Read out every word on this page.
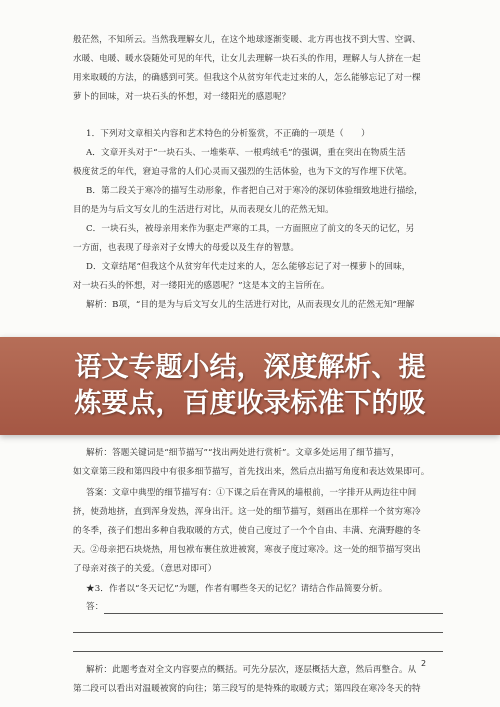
般茫然，不知所云。当然我理解女儿，在这个地球逐渐变暖、北方再也找不到大雪、空调、
水暖、电暖、暖水袋随处可见的年代，让女儿去理解一块石头的作用，理解人与人挤在一起
用来取暖的方法，的确感到可笑。但我这个从贫穷年代走过来的人，怎么能够忘记了对一棵
萝卜的回味，对一块石头的怀想，对一缕阳光的感恩呢？
1．下列对文章相关内容和艺术特色的分析鉴赏，不正确的一项是（　　）
A．文章开头对于“一块石头、一堆柴草、一根鸡绒毛”的强调，重在突出在物质生活
极度贫乏的年代，窘迫寻常的人们心灵而又强烈的生活体验，也为下文的写作埋下伏笔。
B．第二段关于寒冷的描写生动形象，作者把自己对于寒冷的深切体验细致地进行描绘，
目的是为与后文写女儿的生活进行对比，从而表现女儿的茫然无知。
C．一块石头，被母亲用来作为驱走严寒的工具，一方面照应了前文的冬天的记忆，另
一方面，也表现了母亲对子女博大的母爱以及生存的智慧。
D．文章结尾“但我这个从贫穷年代走过来的人，怎么能够忘记了对一棵萝卜的回味，
对一块石头的怀想，对一缕阳光的感恩呢？”这是本文的主旨所在。
解析：B项，“目的是为与后文写女儿的生活进行对比，从而表现女儿的茫然无知”理解
语文专题小结，深度解析、提
炼要点，百度收录标准下的吸
解析：答题关键词是“细节描写”“找出两处进行赏析”。文章多处运用了细节描写，
如文章第三段和第四段中有很多细节描写，首先找出来，然后点出描写角度和表达效果即可。
答案：文章中典型的细节描写有：①下课之后在背风的墙根前，一字排开从两边往中间
挤，使劲地挤，直到浑身发热，浑身出汗。这一处的细节描写，刻画出在那样一个贫穷寒冷
的冬季，孩子们想出多种自我取暖的方式，使自己度过了一个个自由、丰满、充满野趣的冬
天。②母亲把石块烧热，用包袱布裹住放进被窝，寒夜子度过寒冷。这一处的细节描写突出
了母亲对孩子的关爱。（意思对即可）
★3．作者以“冬天记忆”为题，作者有哪些冬天的记忆？请结合作品简要分析。
答：
解析：此题考查对全文内容要点的概括。可先分层次，逐层概括大意，然后再整合。从
第二段可以看出对温暖被窝的向往；第三段写的是特殊的取暖方式；第四段在寒冷冬天的特
2
